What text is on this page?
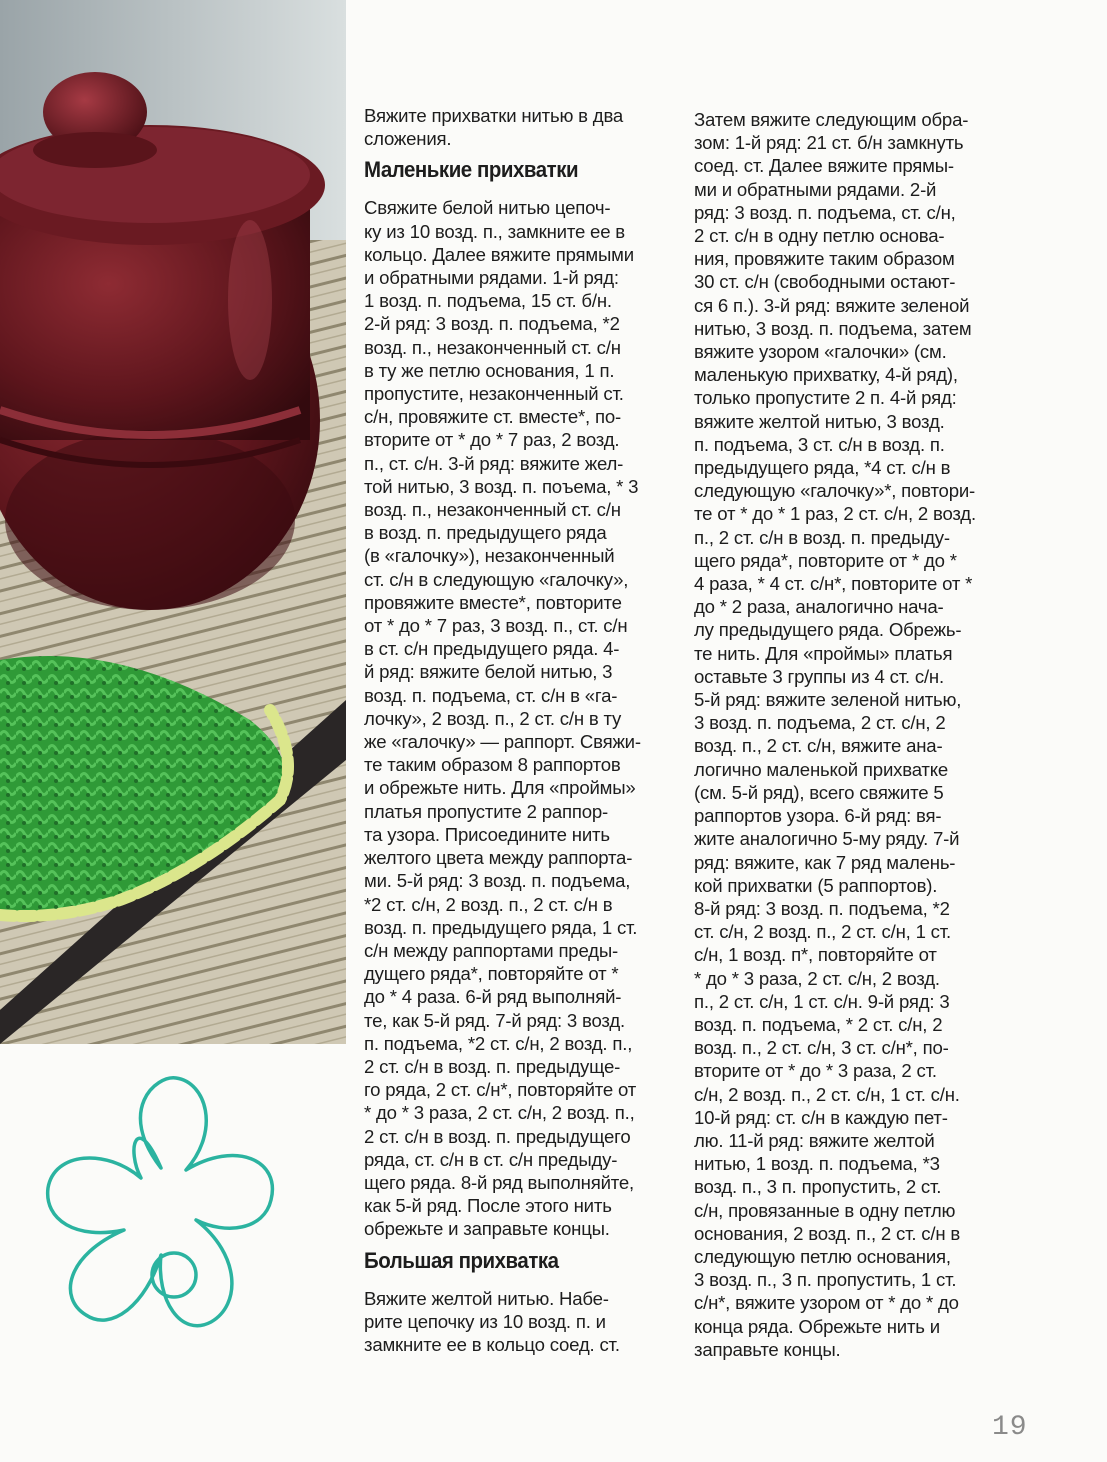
Вяжите прихватки нитью в два
сложения.

Маленькие прихватки

Свяжите белой нитью цепоч-
ку из 10 возд. п., замкните ее в
кольцо. Далее вяжите прямыми
и обратными рядами. 1-й ряд:
1 возд. п. подъема, 15 ст. б/н.
2-й ряд: 3 возд. п. подъема, *2
возд. п., незаконченный ст. с/н
в ту же петлю основания, 1 п.
пропустите, незаконченный ст.
с/н, провяжите ст. вместе*, по-
вторите от * до * 7 раз, 2 возд.
п., ст. с/н. 3-й ряд: вяжите жел-
той нитью, 3 возд. п. поъема, * 3
возд. п., незаконченный ст. с/н
в возд. п. предыдущего ряда
(в «галочку»), незаконченный
ст. с/н в следующую «галочку»,
провяжите вместе*, повторите
от * до * 7 раз, 3 возд. п., ст. с/н
в ст. с/н предыдущего ряда. 4-
й ряд: вяжите белой нитью, 3
возд. п. подъема, ст. с/н в «га-
лочку», 2 возд. п., 2 ст. с/н в ту
же «галочку» — раппорт. Свяжи-
те таким образом 8 раппортов
и обрежьте нить. Для «проймы»
платья пропустите 2 раппор-
та узора. Присоедините нить
желтого цвета между раппорта-
ми. 5-й ряд: 3 возд. п. подъема,
*2 ст. с/н, 2 возд. п., 2 ст. с/н в
возд. п. предыдущего ряда, 1 ст.
с/н между раппортами преды-
дущего ряда*, повторяйте от *
до * 4 раза. 6-й ряд выполняй-
те, как 5-й ряд. 7-й ряд: 3 возд.
п. подъема, *2 ст. с/н, 2 возд. п.,
2 ст. с/н в возд. п. предыдуще-
го ряда, 2 ст. с/н*, повторяйте от
* до * 3 раза, 2 ст. с/н, 2 возд. п.,
2 ст. с/н в возд. п. предыдущего
ряда, ст. с/н в ст. с/н предыду-
щего ряда. 8-й ряд выполняйте,
как 5-й ряд. После этого нить
обрежьте и заправьте концы.

Большая прихватка

Вяжите желтой нитью. Набе-
рите цепочку из 10 возд. п. и
замкните ее в кольцо соед. ст.

Затем вяжите следующим обра-
зом: 1-й ряд: 21 ст. б/н замкнуть
соед. ст. Далее вяжите прямы-
ми и обратными рядами. 2-й
ряд: 3 возд. п. подъема, ст. с/н,
2 ст. с/н в одну петлю основа-
ния, провяжите таким образом
30 ст. с/н (свободными остают-
ся 6 п.). 3-й ряд: вяжите зеленой
нитью, 3 возд. п. подъема, затем
вяжите узором «галочки» (см.
маленькую прихватку, 4-й ряд),
только пропустите 2 п. 4-й ряд:
вяжите желтой нитью, 3 возд.
п. подъема, 3 ст. с/н в возд. п.
предыдущего ряда, *4 ст. с/н в
следующую «галочку»*, повтори-
те от * до * 1 раз, 2 ст. с/н, 2 возд.
п., 2 ст. с/н в возд. п. предыду-
щего ряда*, повторите от * до *
4 раза, * 4 ст. с/н*, повторите от *
до * 2 раза, аналогично нача-
лу предыдущего ряда. Обрежь-
те нить. Для «проймы» платья
оставьте 3 группы из 4 ст. с/н.
5-й ряд: вяжите зеленой нитью,
3 возд. п. подъема, 2 ст. с/н, 2
возд. п., 2 ст. с/н, вяжите ана-
логично маленькой прихватке
(см. 5-й ряд), всего свяжите 5
раппортов узора. 6-й ряд: вя-
жите аналогично 5-му ряду. 7-й
ряд: вяжите, как 7 ряд малень-
кой прихватки (5 раппортов).
8-й ряд: 3 возд. п. подъема, *2
ст. с/н, 2 возд. п., 2 ст. с/н, 1 ст.
с/н, 1 возд. п*, повторяйте от
* до * 3 раза, 2 ст. с/н, 2 возд.
п., 2 ст. с/н, 1 ст. с/н. 9-й ряд: 3
возд. п. подъема, * 2 ст. с/н, 2
возд. п., 2 ст. с/н, 3 ст. с/н*, по-
вторите от * до * 3 раза, 2 ст.
с/н, 2 возд. п., 2 ст. с/н, 1 ст. с/н.
10-й ряд: ст. с/н в каждую пет-
лю. 11-й ряд: вяжите желтой
нитью, 1 возд. п. подъема, *3
возд. п., 3 п. пропустить, 2 ст.
с/н, провязанные в одну петлю
основания, 2 возд. п., 2 ст. с/н в
следующую петлю основания,
3 возд. п., 3 п. пропустить, 1 ст.
с/н*, вяжите узором от * до * до
конца ряда. Обрежьте нить и
заправьте концы.

19
